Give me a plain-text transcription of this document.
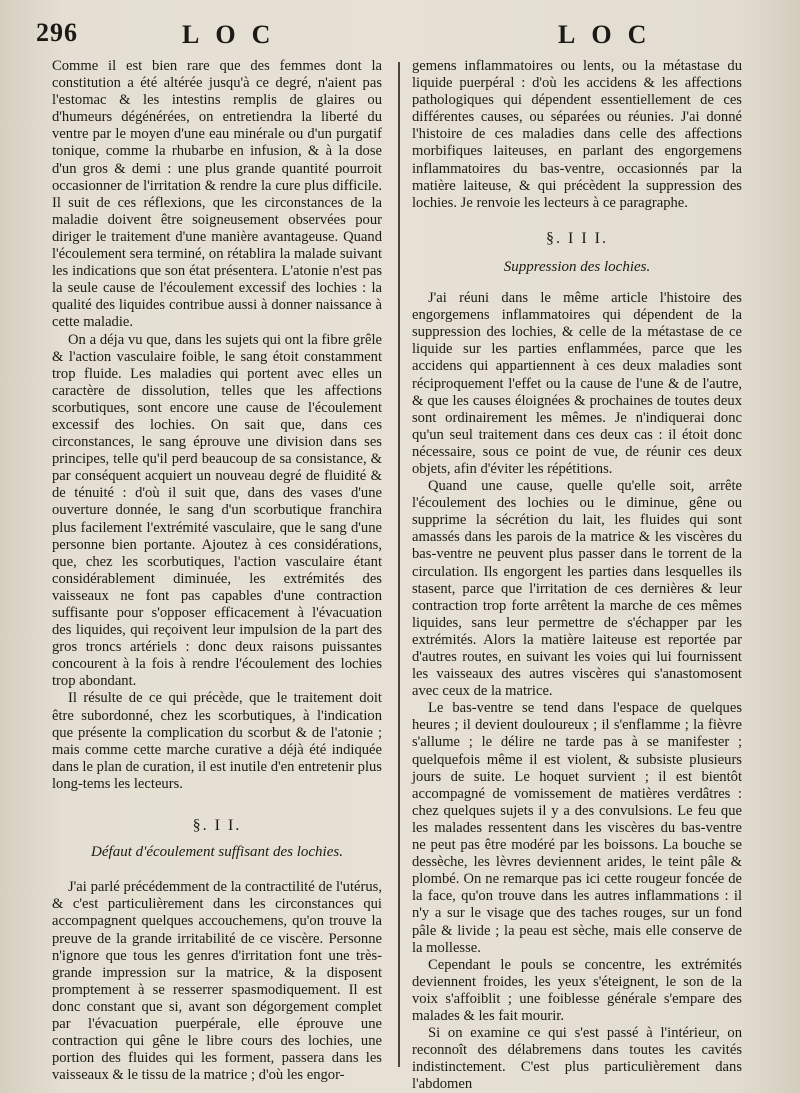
296	LOC	LOC

Comme il est bien rare que des femmes dont la constitution a été altérée jusqu'à ce degré, n'aient pas l'estomac & les intestins remplis de glaires ou d'humeurs dégénérées, on entretiendra la liberté du ventre par le moyen d'une eau minérale ou d'un purgatif tonique, comme la rhubarbe en infusion, & à la dose d'un gros & demi : une plus grande quantité pourroit occasionner de l'irritation & rendre la cure plus difficile. Il suit de ces réflexions, que les circonstances de la maladie doivent être soigneusement observées pour diriger le traitement d'une manière avantageuse. Quand l'écoulement sera terminé, on rétablira la malade suivant les indications que son état présentera. L'atonie n'est pas la seule cause de l'écoulement excessif des lochies : la qualité des liquides contribue aussi à donner naissance à cette maladie.

On a déja vu que, dans les sujets qui ont la fibre grêle & l'action vasculaire foible, le sang étoit constamment trop fluide. Les maladies qui portent avec elles un caractère de dissolution, telles que les affections scorbutiques, sont encore une cause de l'écoulement excessif des lochies. On sait que, dans ces circonstances, le sang éprouve une division dans ses principes, telle qu'il perd beaucoup de sa consistance, & par conséquent acquiert un nouveau degré de fluidité & de ténuité : d'où il suit que, dans des vases d'une ouverture donnée, le sang d'un scorbutique franchira plus facilement l'extrémité vasculaire, que le sang d'une personne bien portante. Ajoutez à ces considérations, que, chez les scorbutiques, l'action vasculaire étant considérablement diminuée, les extrémités des vaisseaux ne font pas capables d'une contraction suffisante pour s'opposer efficacement à l'évacuation des liquides, qui reçoivent leur impulsion de la part des gros troncs artériels : donc deux raisons puissantes concourent à la fois à rendre l'écoulement des lochies trop abondant.

Il résulte de ce qui précède, que le traitement doit être subordonné, chez les scorbutiques, à l'indication que présente la complication du scorbut & de l'atonie ; mais comme cette marche curative a déjà été indiquée dans le plan de curation, il est inutile d'en entretenir plus long-tems les lecteurs.

§. I I.
Défaut d'écoulement suffisant des lochies.

J'ai parlé précédemment de la contractilité de l'utérus, & c'est particulièrement dans les circonstances qui accompagnent quelques accouchemens, qu'on trouve la preuve de la grande irritabilité de ce viscère. Personne n'ignore que tous les genres d'irritation font une très-grande impression sur la matrice, & la disposent promptement à se resserrer spasmodiquement. Il est donc constant que si, avant son dégorgement complet par l'évacuation puerpérale, elle éprouve une contraction qui gêne le libre cours des lochies, une portion des fluides qui les forment, passera dans les vaisseaux & le tissu de la matrice ; d'où les engor-

gemens inflammatoires ou lents, ou la métastase du liquide puerpéral : d'où les accidens & les affections pathologiques qui dépendent essentiellement de ces différentes causes, ou séparées ou réunies. J'ai donné l'histoire de ces maladies dans celle des affections morbifiques laiteuses, en parlant des engorgemens inflammatoires du bas-ventre, occasionnés par la matière laiteuse, & qui précèdent la suppression des lochies. Je renvoie les lecteurs à ce paragraphe.

§. I I I.
Suppression des lochies.

J'ai réuni dans le même article l'histoire des engorgemens inflammatoires qui dépendent de la suppression des lochies, & celle de la métastase de ce liquide sur les parties enflammées, parce que les accidens qui appartiennent à ces deux maladies sont réciproquement l'effet ou la cause de l'une & de l'autre, & que les causes éloignées & prochaines de toutes deux sont ordinairement les mêmes. Je n'indiquerai donc qu'un seul traitement dans ces deux cas : il étoit donc nécessaire, sous ce point de vue, de réunir ces deux objets, afin d'éviter les répétitions.

Quand une cause, quelle qu'elle soit, arrête l'écoulement des lochies ou le diminue, gêne ou supprime la sécrétion du lait, les fluides qui sont amassés dans les parois de la matrice & les viscères du bas-ventre ne peuvent plus passer dans le torrent de la circulation. Ils engorgent les parties dans lesquelles ils stasent, parce que l'irritation de ces dernières & leur contraction trop forte arrêtent la marche de ces mêmes liquides, sans leur permettre de s'échapper par les extrémités. Alors la matière laiteuse est reportée par d'autres routes, en suivant les voies qui lui fournissent les vaisseaux des autres viscères qui s'anastomosent avec ceux de la matrice.

Le bas-ventre se tend dans l'espace de quelques heures ; il devient douloureux ; il s'enflamme ; la fièvre s'allume ; le délire ne tarde pas à se manifester ; quelquefois même il est violent, & subsiste plusieurs jours de suite. Le hoquet survient ; il est bientôt accompagné de vomissement de matières verdâtres : chez quelques sujets il y a des convulsions. Le feu que les malades ressentent dans les viscères du bas-ventre ne peut pas être modéré par les boissons. La bouche se dessèche, les lèvres deviennent arides, le teint pâle & plombé. On ne remarque pas ici cette rougeur foncée de la face, qu'on trouve dans les autres inflammations : il n'y a sur le visage que des taches rouges, sur un fond pâle & livide ; la peau est sèche, mais elle conserve de la mollesse.

Cependant le pouls se concentre, les extrémités deviennent froides, les yeux s'éteignent, le son de la voix s'affoiblit ; une foiblesse générale s'empare des malades & les fait mourir.

Si on examine ce qui s'est passé à l'intérieur, on reconnoît des délabremens dans toutes les cavités indistinctement. C'est plus particulièrement dans l'abdomen
